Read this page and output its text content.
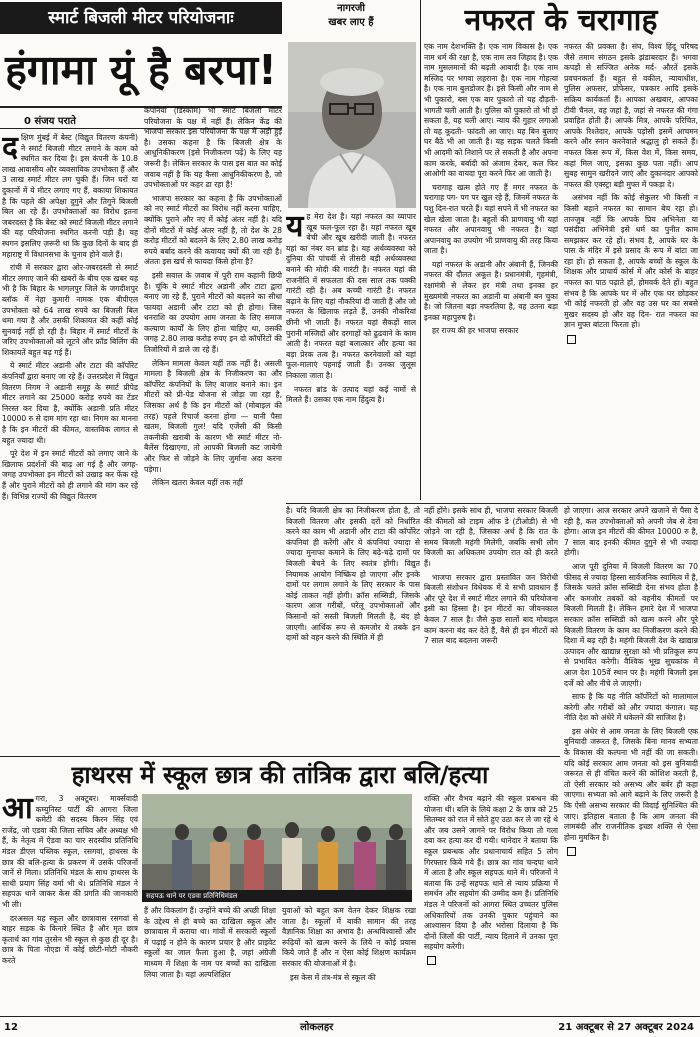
स्मार्ट बिजली मीटर परियोजनाः
हंगामा यूं है बरपा!
0 संजय पराते

दक्षिण मुंबई में बेस्ट (विद्युत वितरण कंपनी) ने स्मार्ट बिजली मीटर लगाने के काम को स्थगित कर दिया है। इस कंपनी के 10.8 लाख आवासीय और व्यवसायिक उपभोक्ता हैं और 3 लाख स्मार्ट मीटर लग चुकी हैं। जिन घरों या दुकानों में ये मीटर लगाए गए हैं, बकाया शिकायत है कि पहले की अपेक्षा दुगुने और तिगुने बिजली बिल आ रहे हैं। उपभोक्ताओं का विरोध इतना जबरदस्त है कि बेस्ट को स्मार्ट बिजली मीटर लगाने की यह परियोजना स्थगित करनी पड़ी है। यह स्थगन इसलिए ज़रूरी था कि कुछ दिनों के बाद ही महाराष्ट्र में विधानसभा के चुनाव होने वाले हैं।

रांची में सरकार द्वारा ओर-जबरदस्ती से स्मार्ट मीटर लगाए जाने की खबरों के बीच एक खबर यह भी है कि बिहार के भागलपुर जिले के जगदीशपुर ब्लॉक में नेहा कुमारी नामक एक बीपीएल उपभोक्ता को 64 लाख रुपये का बिजली बिल थमा गया है और उसकी शिकायत की कहीं कोई सुनवाई नहीं हो रही है। बिहार में स्मार्ट मीटरों के जरिए उपभोक्ताओं को लूटने और फ्रॉड बिलिंग की शिकायतें बहुत बढ़ गई हैं।

ये स्मार्ट मीटर अडानी और टाटा की कॉर्पोरेट कंपनियाँ द्वारा बनाए जा रहे हैं। उत्तरप्रदेश में विद्युत वितरण निगम ने अडानी समूह के स्मार्ट प्रीपेड मीटर लगाने का 25000 करोड़ रुपये का टेंडर निरस्त कर दिया है, क्योंकि अडानी प्रति मीटर 10000 रु से दाम मांग रहा था। निगम का मानना है कि इन मीटरों की कीमत, वास्तविक लागत से बहुत ज्यादा थी।

पूरे देश में इन स्मार्ट मीटरों को लगाए जाने के खिलाफ प्रदर्शनों की बाढ़ आ गई है और जगह-जगह उपभोक्ता इन मीटरों को उखाड़ कर फेंक रहे हैं और पुराने मीटरों को ही लगाने की मांग कर रहे हैं। विभिन्न राज्यों की विद्युत वितरण

कंपनियां (डिस्कॉम) भी स्मार्ट बिजली मीटर परियोजना के पक्ष में नहीं हैं। लेकिन केंद्र की भाजपा सरकार इस परियोजना के पक्ष में अड़ी हुई है। उसका कहना है कि बिजली क्षेत्र के आधुनिकीकरण (इसे निजीकरण पढ़ें) के लिए यह जरूरी है। लेकिन सरकार के पास इस बात का कोई जवाब नहीं है कि यह कैसा आधुनिकीकरण है, जो उपभोक्ताओं पर कहर ढा रहा है!

भाजपा सरकार का कहना है कि उपभोक्ताओं को नए स्मार्ट मीटरों का विरोध नहीं करना चाहिए, क्योंकि पुराने और नए में कोई अंतर नहीं है। यदि दोनों मीटरों में कोई अंतर नहीं है, तो देश के 28 करोड़ मीटरों को बदलने के लिए 2.80 लाख करोड़ रुपये बर्बाद करने की कवायद क्यों की जा रही है। अंततः इस खर्च से फायदा किसे होना है?

इसी सवाल के जवाब में पूरी राम कहानी छिपी है। चूंकि ये स्मार्ट मीटर अडानी और टाटा द्वारा बनाए जा रहे हैं, पुराने मीटरों को बदलने का सीधा फायदा अडानी और टाटा को ही होगा। जिस धनराशि का उपयोग आम जनता के लिए समाज कल्याण कार्यों के लिए होना चाहिए था, उसकी जगह 2.80 लाख करोड़ रुपए इन दो कॉर्पोरेटों की तिजोरियों में डाले जा रहे हैं।

लेकिन मामला केवल यहीं तक नहीं है। असली मामला है बिजली क्षेत्र के निजीकरण का और कॉर्पोरेट कंपनियों के लिए बाजार बनाने का। इन मीटरों को प्री-पेड योजना से जोड़ा जा रहा है, जिसका अर्थ है कि इन मीटरों को (मोबाइल की तरह) पहले रिचार्ज करना होगा — यानी पैसा खतम, बिजली गुल! यदि एजेंसी की किसी तकनीकी खराबी के कारण भी स्मार्ट मीटर नो-बैलेंस दिखाएगा, तो आपकी बिजली कट जायेगी और फिर से जोड़ने के लिए जुर्माना अदा करना पड़ेगा।

लेकिन खतरा केवल यहीं तक नहीं

नागरजी
खबर लाए हैं	नफरत के चरागाह

यह मेरा देश है। यहां नफरत का व्यापार खूब फल-फूल रहा है। यहां नफरत खूब बेची और खूब खरीदी जाती है। नफरत यहां का नंबर वन ब्रांड है। यह अर्थव्यवस्था को दुनिया की पांचवीं से तीसरी बड़ी अर्थव्यवस्था बनाने की मोदी की गारंटी है। नफरत यहां की राजनीति में सफलता की दस साल तक पक्की गारंटी रही है। अब कच्ची गारंटी है। नफरत बढ़ाने के लिए यहां नौकरियां दी जाती हैं और जो नफरत के खिलाफ लड़ते हैं, उनकी नौकरियां छीनी भी जाती हैं। नफरत यहां सैकड़ों साल पुरानी मस्जिदों और दरगाहों को ढुढवाने के काम आती है। नफरत यहां बलात्कार और हत्या का बड़ा प्रेरक तत्व है। नफरत करनेवालों को यहां फूल-मालाएं पहनाई जाती हैं। उनका जुलूस निकाला जाता है।

नफरत ब्रांड के उत्पाद यहां कई नामों से मिलते हैं। उसका एक नाम हिंदुत्व है।

एक नाम देशभक्ति है। एक नाम विकास है। एक नाम धर्म की रक्षा है, एक नाम लव जिहाद है। एक नाम मुसलमानों की बढ़ती आबादी है। एक नाम मस्जिद पर भगवा लहराना है। एक नाम गोहत्या है। एक नाम बुलडोजर है। इसे किसी और नाम से भी पुकारो, बस एक बार पुकारो तो यह दौड़ती- भागती चली आती है। पुलिस को पुकारो तो भी हो सकता है, यह चली आए। न्याय की गुहार लगाओ तो यह कूदती- फांदती आ जाए। यह बिन बुलाए घर बैठे भी आ जाती है। यह सड़क चलते किसी भी आदमी को निशाने पर ले सकती है और अपना काम करके, बर्बादी को अंजाम देकर, कल फिर आओगी का वायदा पूरा करने फिर आ जाती है।

चरागाह खत्म होते गए हैं मगर नफरत के चरागाह पग- पग पर खुल रहे हैं, जिनमें नफरत के पशु दिन-रात चरते हैं। यहां सपने में भी नफरत का खेल खेला जाता है। बहुतों की प्राणवायु भी यहां नफरत और अपानवायु भी नफरत है। यहां अपानवायु का उपयोग भी प्राणवायु की तरह किया जाता है।

यहां नफरत के अडानी और अंबानी हैं, जिनकी नफरत की दौलत अकूत है। प्रधानमंत्री, गृहमंत्री, रक्षामंत्री से लेकर हर मंत्री तथा इनका हर मुख्यमंत्री नफरत का अडानी या अंबानी बन चुका है। जो जितना बड़ा नफरतिया है, वह उतना बड़ा इनका महापुरुष है।

हर राज्य की हर भाजपा सरकार

नफरत की प्रवक्ता है। संघ, विश्व हिंदू परिषद जैसे तमाम संगठन इसके झंडाबरदार हैं। भगवा कपड़ों से सज्जित अनेक मर्द- औरतें इसके प्रवचनकर्ता हैं। बहुत से वकील, न्यायाधीश, पुलिस अफसर, प्रोफेसर, पत्रकार आदि इसके सक्रिय कार्यकर्ता हैं। आपका अखबार, आपका टीवी चैनल, वह जहां है, जहां से नफरत की गंगा प्रवाहित होती है। आपके मित्र, आपके परिचित, आपके रिश्तेदार, आपके पड़ोसी इसमें आचमन करने और स्नान करनेवाले श्रद्धालु हो सकते हैं। नफरत किस रूप में, किस वेश में, किस समय, कहां मिल जाए, इसका कुछ पता नहीं। आप सुबह सामुन खरीदने जाएं और दुकानदार आपको नफरत की एक्स्ट्रा बड़ी मुफ्त में पकड़ा दे।

असंभव नहीं कि कोई सेकुलर भी किसी न किसी बहाने नफरत का सामान बेच रहा हो। ताज्जुब नहीं कि आपके प्रिय अभिनेता या पसंदीदा अभिनेत्री इसे धर्म का पुनीत काम समझकर कर रहे हों। संभव है, आपके घर के पास के मंदिर में इसे प्रसाद के रूप में बांटा जा रहा हो। हो सकता है, आपके बच्चों के स्कूल के शिक्षक और प्राचार्य कोर्स में और कोर्स के बाहर नफरत का पाठ पढ़ाते हों, होमवर्क देते हों। बहुत संभव है कि आपके घर में और एक घर छोड़कर भी कोई नफरती हो और वह उस घर का सबसे मुखर सदस्य हो और वह दिन- रात नफरत का ज्ञान मुफ्त बांटता फिरता हो।

है। यदि बिजली क्षेत्र का निजीकरण होता है, तो बिजली वितरण और इसकी दरों को निर्धारित करने का काम भी अडानी और टाटा की कॉर्पोरेट कंपनियां ही करेंगी और ये कंपनियां ज्यादा से ज्यादा मुनाफा कमाने के लिए बढ़े-चढ़े दामों पर बिजली बेचने के लिए स्वतंत्र होंगी। विद्युत नियामक आयोग निष्क्रिय हो जाएगा और इनके दामों पर लगाम लगाने के लिए सरकार के पास कोई ताकत नहीं होगी। क्रॉस सब्सिडी, जिसके कारण आज गरीबों, घरेलू उपभोक्ताओं और किसानों को सस्ती बिजली मिलती है, बंद हो जाएगी। आर्थिक रूप से कमजोर ये तबके इन दामों को वहन करने की स्थिति में ही

नहीं होंगे। इसके साथ ही, भाजपा सरकार बिजली की कीमतों को टाइम ऑफ डे (टीओडी) से भी जोड़ने जा रही है, जिसका अर्थ है कि रात के समय बिजली महंगी मिलेगी, जबकि सभी लोग बिजली का अधिकतम उपयोग रात को ही करते हैं।

भाजपा सरकार द्वारा प्रस्तावित जन विरोधी बिजली संशोधन विधेयक में ये सभी प्रावधान हैं और पूरे देश में स्मार्ट मीटर लगाने की परियोजना इसी का हिस्सा है। इन मीटरों का जीवनकाल केवल 7 साल है। जैसे कुछ सालों बाद मोबाइल काम करना बंद कर देते हैं, वैसे ही इन मीटरों को 7 साल बाद बदलना जरूरी

हो जाएगा। आज सरकार अपने खजाने से पैसा दे रही है, कल उपभोक्ताओं को अपनी जेब से देना होगा। आज इन मीटरों की कीमत 10000 रु है, 7 साल बाद इनकी कीमत दुगुने से भी ज्यादा होगी।

आज पूरी दुनिया में बिजली वितरण का 70 फीसद से ज्यादा हिस्सा सार्वजनिक स्वामित्व में है, जिसके चलते क्रॉस सब्सिडी देना संभव होता है और कमजोर तबकों को वहनीय कीमतों पर बिजली मिलती है। लेकिन हमारे देश में भाजपा सरकार क्रॉस सब्सिडी को खत्म करने और पूरे बिजली वितरण के काम का निजीकरण करने की दिशा में बढ़ रही है। महंगी बिजली देश के खाद्यान्न उत्पादन और खाद्यान्न सुरक्षा को भी प्रतिकूल रूप से प्रभावित करेगी। वैश्विक भूख सूचकांक में आज देश 105वें स्थान पर है। महंगी बिजली इस दर्जे को और नीचे ले जाएगी।

साफ है कि यह नीति कॉर्पोरेटों को मालामाल करेगी और गरीबों को और ज्यादा कंगाल। यह नीति देश को अंधेरे में धकेलने की साजिश है।

इस अंधेर से आम जनता के लिए बिजली एक बुनियादी जरूरत है, जिसके बिना मानव सभ्यता के विकास की कल्पना भी नहीं की जा सकती। यदि कोई सरकार आम जनता को इस बुनियादी जरूरत से ही वंचित करने की कोशिश करती है, तो ऐसी सरकार को असभ्य और बर्बर ही कहा जाएगा। सभ्यता को आगे बढ़ाने के लिए जरूरी है कि ऐसी असभ्य सरकार की विदाई सुनिश्चित की जाए। इतिहास बताता है कि आम जनता की लामबंदी और राजनीतिक इच्छा शक्ति से ऐसा होना मुमकिन है।

हाथरस में स्कूल छात्र की तांत्रिक द्वारा बलि/हत्या

आगरा, 3 अक्टूबर। मार्क्सवादी कम्युनिस्ट पार्टी की आगरा जिला कमेटी की सदस्य किरन सिंह एवं राजेंद्र, जो एडवा की जिला सचिव और अध्यक्ष भी हैं, के नेतृत्व में ऐडवा का चार सदस्यीय प्रतिनिधि मंडल डीएल पब्लिक स्कूल, रसगवां, हाथरस के छात्र की बलि-हत्या के प्रकरण में उसके परिजनों जानें से मिला। प्रतिनिधि मंडल के साथ हाथरस के साथी प्रयाग सिंह वर्मा भी थे। प्रतिनिधि मंडल ने सहपऊ थाने जाकर केस की प्रगति की जानकारी भी ली।

दरअसल यह स्कूल और छात्रावास रसगवां से बाहर सड़क के किनारे स्थित है और मृत छात्र कृतार्थ का गांव तुरसेन भी स्कूल से कुछ ही दूर है। छात्र के पिता नोएडा में कोई छोटी-मोटी नौकरी करते

सहपऊ थाने पर एडवा प्रतिनिधिमंडल

हैं और विकलांग हैं। उन्होंने बच्चे की अच्छी शिक्षा के उद्देश्य से ही बच्चे का दाखिला स्कूल और छात्रावास में कराया था। गांवों में सरकारी स्कूलों में पढ़ाई न होने के कारण प्रचार है और प्राइवेट स्कूलों का जाल फैला हुआ है, जहां अंग्रेजी माध्यम में शिक्षा के नाम पर बच्चों का दाखिला लिया जाता है। यहां अल्पशिक्षित

युवाओं को बहुत कम वेतन देकर शिक्षक रखा जाता है। स्कूलों में बाकी सामान की तरह वैज्ञानिक शिक्षा का अभाव है। अन्धविश्वासों और रूढ़ियों को खत्म करने के लिये न कोई प्रयास किये जाते हैं और न ऐसा कोई शिक्षण कार्यक्रम सरकार की योजनाओं में है।

इस केस में तंत्र-मंत्र से स्कूल की

शक्ति और वैभव बढ़ाने की स्कूल प्रबन्धन की योजना थी। बलि के लिये कक्षा 2 के छात्र को 25 सितम्बर को रात में सोते हुए उठा कर ले जा रहे थे और जब उसने जागने पर विरोध किया तो गला दबा कर हत्या कर दी गयी। थानेदार ने बताया कि स्कूल प्रबन्धक और प्रधानाचार्य सहित 5 लोग गिरफ्तार किये गये हैं। छात्र का गांव चन्दपा थाने में आता है और स्कूल सहपऊ थाने में। परिजनों ने बताया कि उन्हें सहपऊ थाने से न्याय प्रक्रिया में समर्थन और सहयोग की उम्मीद कम है। प्रतिनिधि मंडल ने परिजनों को आगरा स्थित उच्चतर पुलिस अधिकारियों तक उनकी पुकार पहुंचाने का आश्वासन दिया है और भरोसा दिलाया है कि दोनों जिलों की पार्टी, न्याय दिलाने में उनका पूरा सहयोग करेगी।

12	लोकलहर	21 अक्टूबर से 27 अक्टूबर 2024
